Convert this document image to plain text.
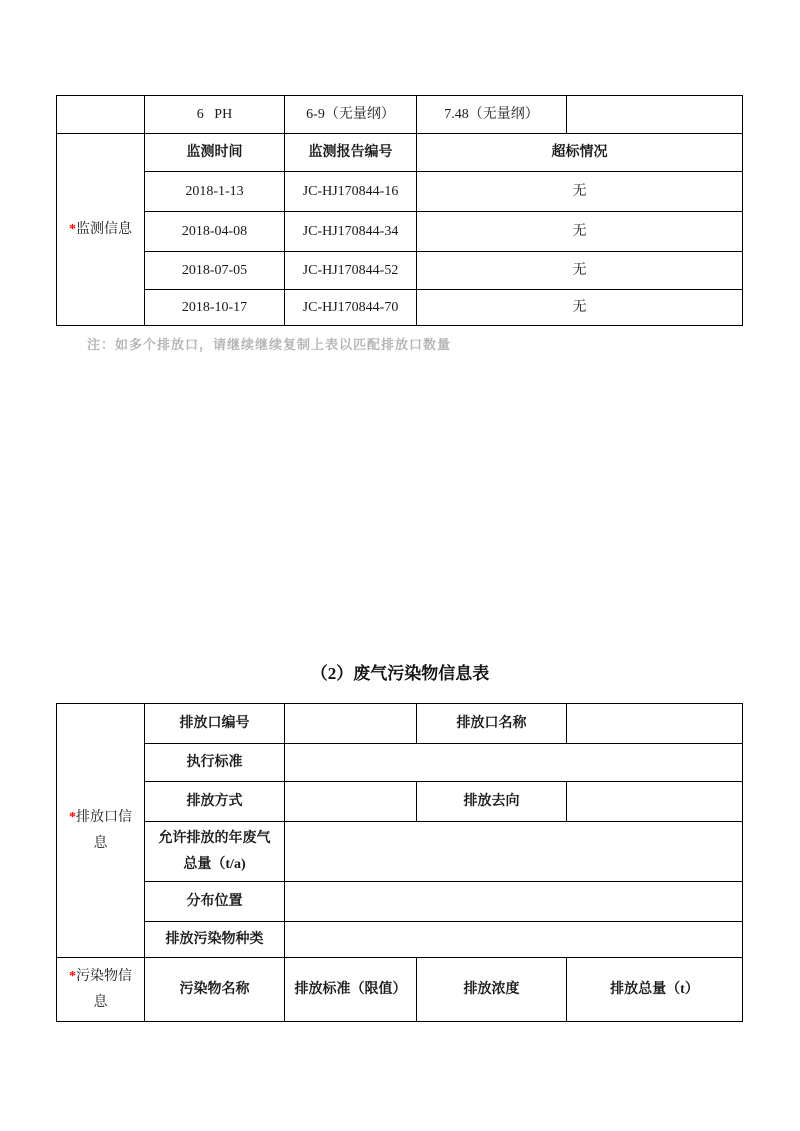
	6   PH	6-9（无量纲）	7.48（无量纲）	
*监测信息	监测时间	监测报告编号	超标情况	
	2018-1-13	JC-HJ170844-16	无	
	2018-04-08	JC-HJ170844-34	无	
	2018-07-05	JC-HJ170844-52	无	
	2018-10-17	JC-HJ170844-70	无	
注：如多个排放口，请继续继续复制上表以匹配排放口数量
（2）废气污染物信息表
*排放口信息	排放口编号		排放口名称	
	执行标准			
	排放方式		排放去向	
	允许排放的年废气总量（t/a)			
	分布位置			
	排放污染物种类			
*污染物信息	污染物名称	排放标准（限值）	排放浓度	排放总量（t）
